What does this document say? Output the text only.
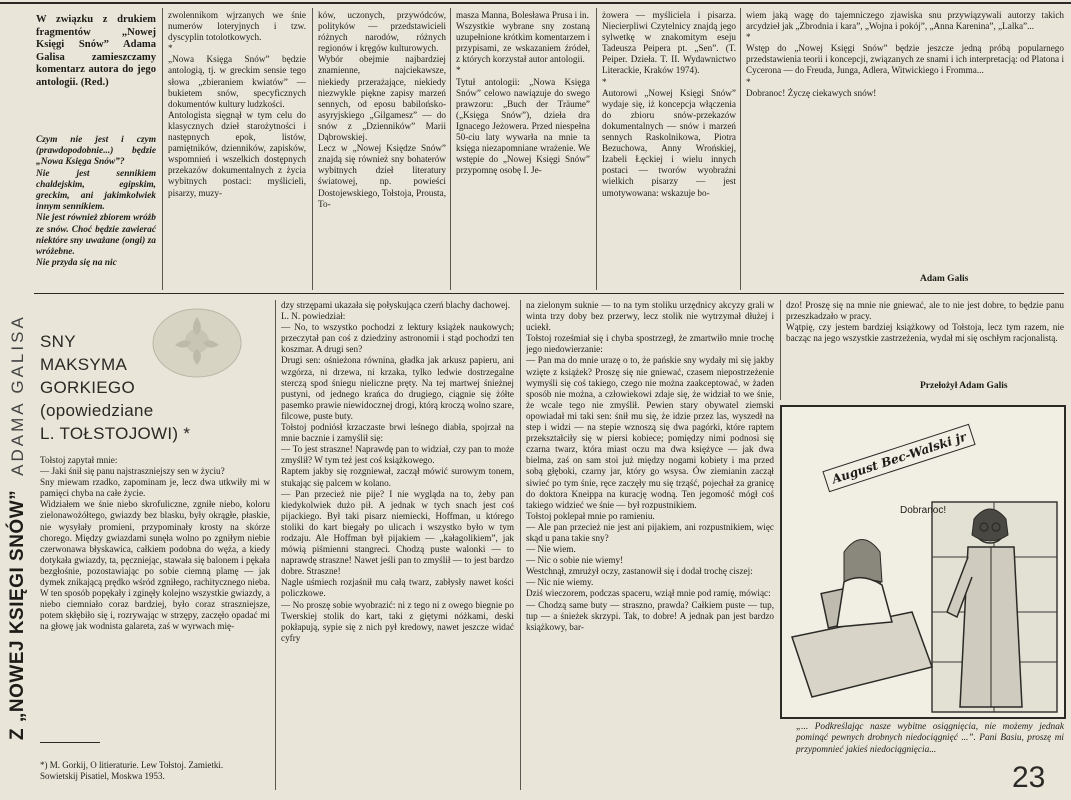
W związku z drukiem fragmentów „Nowej Księgi Snów” Adama Galisa zamieszczamy komentarz autora do jego antologii. (Red.)
Czym nie jest i czym (prawdopodobnie...) będzie „Nowa Księga Snów”?
Nie jest sennikiem chaldejskim, egipskim, greckim, ani jakimkolwiek innym sennikiem.
Nie jest również zbiorem wróżb ze snów. Choć będzie zawierać niektóre sny uważane (ongi) za wróżebne.
Nie przyda się na nic
zwolennikom wjrzanych we śnie numerów loteryjnych i tzw. dyscyplin totolotkowych.
*
„Nowa Księga Snów” będzie antologią, tj. w greckim sensie tego słowa „zbieraniem kwiatów” — bukietem snów, specyficznych dokumentów kultury ludzkości.
Antologista sięgnął w tym celu do klasycznych dzieł starożytności i następnych epok, listów, pamiętników, dzienników, zapisków, wspomnień i wszelkich dostępnych przekazów dokumentalnych z życia wybitnych postaci: myślicieli, pisarzy, muzy-
ków, uczonych, przywódców, polityków — przedstawicieli różnych narodów, różnych regionów i kręgów kulturowych.
Wybór obejmie najbardziej znamienne, najciekawsze, niekiedy przerażające, niekiedy niezwykle piękne zapisy marzeń sennych, od eposu babilońsko-asyryjskiego „Gilgamesz” — do snów z „Dzienników” Marii Dąbrowskiej.
Lecz w „Nowej Księdze Snów” znajdą się również sny bohaterów wybitnych dzieł literatury światowej, np. powieści Dostojewskiego, Tołstoja, Prousta, To-
masza Manna, Bolesława Prusa i in.
Wszystkie wybrane sny zostaną uzupełnione krótkim komentarzem i przypisami, ze wskazaniem źródeł, z których korzystał autor antologii.
*
Tytuł antologii: „Nowa Księga Snów” celowo nawiązuje do swego prawzoru: „Buch der Träume” („Księga Snów”), dzieła dra Ignacego Jeżowera. Przed niespełna 50-ciu laty wywarła na mnie ta księga niezapomniane wrażenie. We wstępie do „Nowej Księgi Snów” przypomnę osobę I. Je-
żowera — myśliciela i pisarza. Niecierpliwi Czytelnicy znajdą jego sylwetkę w znakomitym eseju Tadeusza Peipera pt. „Sen”. (T. Peiper. Dzieła. T. II. Wydawnictwo Literackie, Kraków 1974).
*
Autorowi „Nowej Księgi Snów” wydaje się, iż koncepcja włączenia do zbioru snów-przekazów dokumentalnych — snów i marzeń sennych Raskolnikowa, Piotra Bezuchowa, Anny Wrońskiej, Izabeli Łęckiej i wielu innych postaci — tworów wyobraźni wielkich pisarzy — jest umotywowana: wskazuje bo-
wiem jaką wagę do tajemniczego zjawiska snu przywiązywali autorzy takich arcydzieł jak „Zbrodnia i kara”, „Wojna i pokój”, „Anna Karenina”, „Lalka”...
*
Wstęp do „Nowej Księgi Snów” będzie jeszcze jedną próbą popularnego przedstawienia teorii i koncepcji, związanych ze snami i ich interpretacją: od Platona i Cycerona — do Freuda, Junga, Adlera, Witwickiego i Fromma...
*
Dobranoc! Życzę ciekawych snów!
Adam Galis
Z „NOWEJ KSIĘGI SNÓW”
ADAMA GALISA SNY
MAKSYMA
GORKIEGO
(opowiedziane
L. TOŁSTOJOWI) *
Tołstoj zapytał mnie:
— Jaki śnił się panu najstraszniejszy sen w życiu?
Sny miewam rzadko, zapominam je, lecz dwa utkwiły mi w pamięci chyba na całe życie.
Widziałem we śnie niebo skrofuliczne, zgniłe niebo, koloru zielonawożółtego, gwiazdy bez blasku, były okrągłe, płaskie, nie wysyłały promieni, przypominały krosty na skórze chorego. Między gwiazdami sunęła wolno po zgniłym niebie czerwonawa błyskawica, całkiem podobna do węża, a kiedy dotykała gwiazdy, ta, pęczniejąc, stawała się balonem i pękała bezgłośnie, pozostawiając po sobie ciemną plamę — jak dymek znikającą prędko wśród zgniłego, rachitycznego nieba. W ten sposób popękały i zginęły kolejno wszystkie gwiazdy, a niebo ciemniało coraz bardziej, było coraz straszniejsze, potem skłębiło się i, rozrywając w strzępy, zaczęło opadać mi na głowę jak wodnista galareta, zaś w wyrwach mię-
*) M. Gorkij, O litieraturie. Lew Tołstoj. Zamietki. Sowietskij Pisatiel, Moskwa 1953.
dzy strzępami ukazała się połyskująca czerń blachy dachowej.
L. N. powiedział:
— No, to wszystko pochodzi z lektury książek naukowych; przeczytał pan coś z dziedziny astronomii i stąd pochodzi ten koszmar. A drugi sen?
Drugi sen: ośnieżona równina, gładka jak arkusz papieru, ani wzgórza, ni drzewa, ni krzaka, tylko ledwie dostrzegalne sterczą spod śniegu nieliczne pręty. Na tej martwej śnieżnej pustyni, od jednego krańca do drugiego, ciągnie się żółte pasemko prawie niewidocznej drogi, którą kroczą wolno szare, filcowe, puste buty.
Tołstoj podniósł krzaczaste brwi leśnego diabła, spojrzał na mnie bacznie i zamyślił się:
— To jest straszne! Naprawdę pan to widział, czy pan to może zmyślił? W tym też jest coś książkowego.
Raptem jakby się rozgniewał, zaczął mówić surowym tonem, stukając się palcem w kolano.
— Pan przecież nie pije? I nie wygląda na to, żeby pan kiedykolwiek dużo pił. A jednak w tych snach jest coś pijackiego. Był taki pisarz niemiecki, Hoffman, u którego stoliki do kart biegały po ulicach i wszystko było w tym rodzaju. Ale Hoffman był pijakiem — „kałagolikiem”, jak mówią piśmienni stangreci. Chodzą puste walonki — to naprawdę straszne! Nawet jeśli pan to zmyślił — to jest bardzo dobre. Straszne!
Nagle uśmiech rozjaśnił mu całą twarz, zabłysły nawet kości policzkowe.
— No proszę sobie wyobrazić: ni z tego ni z owego biegnie po Twerskiej stolik do kart, taki z giętymi nóżkami, deski pokłapują, sypie się z nich pył kredowy, nawet jeszcze widać cyfry
na zielonym suknie — to na tym stoliku urzędnicy akcyzy grali w winta trzy doby bez przerwy, lecz stolik nie wytrzymał dłużej i uciekł.
Tołstoj roześmiał się i chyba spostrzegł, że zmartwiło mnie trochę jego niedowierzanie:
— Pan ma do mnie urazę o to, że pańskie sny wydały mi się jakby wzięte z książek? Proszę się nie gniewać, czasem niepostrzeżenie wymyśli się coś takiego, czego nie można zaakceptować, w żaden sposób nie można, a człowiekowi zdaje się, że widział to we śnie, że wcale tego nie zmyślił. Pewien stary obywatel ziemski opowiadał mi taki sen: śnił mu się, że idzie przez las, wyszedł na step i widzi — na stepie wznoszą się dwa pagórki, które raptem przekształciły się w piersi kobiece; pomiędzy nimi podnosi się czarna twarz, która miast oczu ma dwa księżyce — jak dwa bielma, zaś on sam stoi już między nogami kobiety i ma przed sobą głęboki, czarny jar, który go wsysa. Ów ziemianin zaczął siwieć po tym śnie, ręce zaczęły mu się trząść, pojechał za granicę do doktora Kneippa na kurację wodną. Ten jegomość mógł coś takiego widzieć we śnie — był rozpustnikiem.
Tołstoj poklepał mnie po ramieniu.
— Ale pan przecież nie jest ani pijakiem, ani rozpustnikiem, więc skąd u pana takie sny?
— Nie wiem.
— Nic o sobie nie wiemy!
Westchnął, zmrużył oczy, zastanowił się i dodał trochę ciszej:
— Nic nie wiemy.
Dziś wieczorem, podczas spaceru, wziął mnie pod ramię, mówiąc:
— Chodzą same buty — straszno, prawda? Całkiem puste — tup, tup — a śnieżek skrzypi. Tak, to dobre! A jednak pan jest bardzo książkowy, bar-
dzo! Proszę się na mnie nie gniewać, ale to nie jest dobre, to będzie panu przeszkadzało w pracy.
Wątpię, czy jestem bardziej książkowy od Tołstoja, lecz tym razem, nie bacząc na jego wszystkie zastrzeżenia, wydał mi się oschłym racjonalistą.
Przełożył Adam Galis
August Bec-Walski jr
Dobranoc!
„... Podkreślając nasze wybitne osiągnięcia, nie możemy jednak pominąć pewnych drobnych niedociągnięć ...”. Pani Basiu, proszę mi przypomnieć jakieś niedociągnięcia...
23
